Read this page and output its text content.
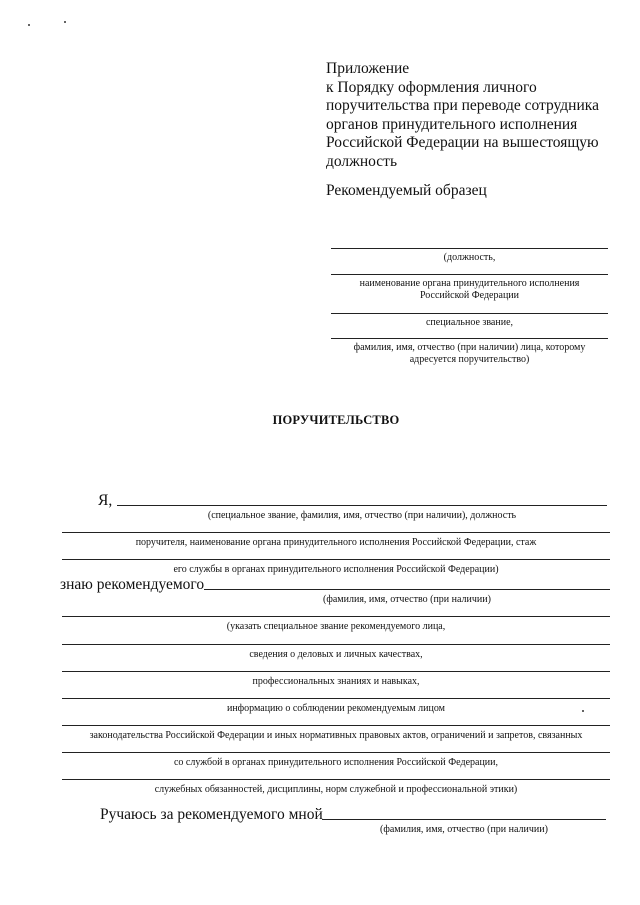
Приложение
к Порядку оформления личного
поручительства при переводе сотрудника
органов принудительного исполнения
Российской Федерации на вышестоящую
должность
Рекомендуемый образец
(должность,
наименование органа принудительного исполнения
Российской Федерации
специальное звание,
фамилия, имя, отчество (при наличии) лица, которому
адресуется поручительство)
ПОРУЧИТЕЛЬСТВО
Я,
(специальное звание, фамилия, имя, отчество (при наличии), должность
поручителя, наименование органа принудительного исполнения Российской Федерации, стаж
его службы в органах принудительного исполнения Российской Федерации)
знаю рекомендуемого
(фамилия, имя, отчество (при наличии)
(указать специальное звание рекомендуемого лица,
сведения о деловых и личных качествах,
профессиональных знаниях и навыках,
информацию о соблюдении рекомендуемым лицом
законодательства Российской Федерации и иных нормативных правовых актов, ограничений и запретов, связанных
со службой в органах принудительного исполнения Российской Федерации,
служебных обязанностей, дисциплины, норм служебной и профессиональной этики)
Ручаюсь за рекомендуемого мной
(фамилия, имя, отчество (при наличии)
